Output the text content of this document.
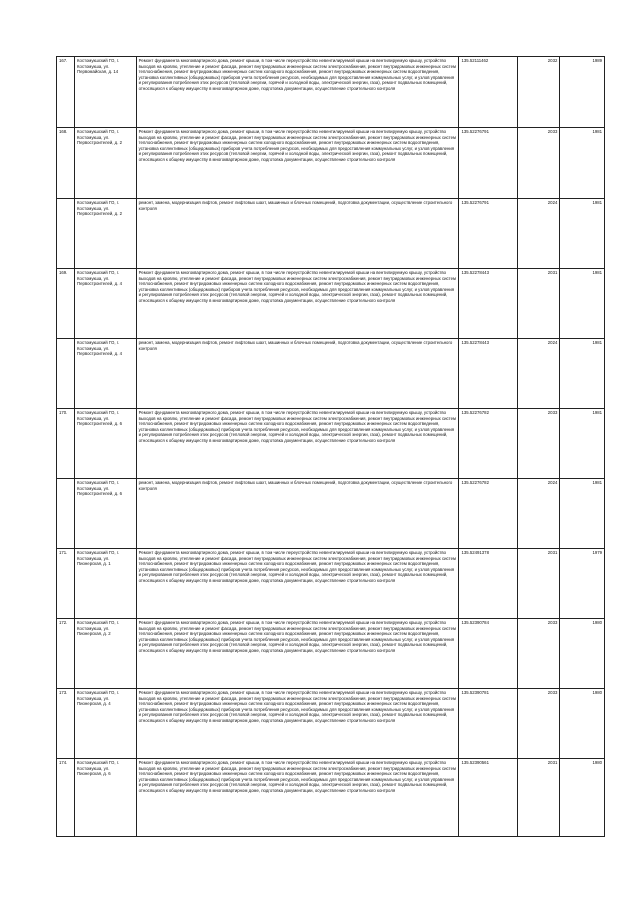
167.	Костомукшский ГО, г. Костомукша, ул. Первомайская, д. 14	Ремонт фундамента многоквартирного дома, ремонт крыши, в том числе переустройство невентилируемой крыши на вентилируемую крышу, устройство выходов на кровлю, утепление и ремонт фасада, ремонт внутридомовых инженерных систем электроснабжения, ремонт внутридомовых инженерных систем теплоснабжения, ремонт внутридомовых инженерных систем холодного водоснабжения, ремонт внутридомовых инженерных систем водоотведения, установка коллективных (общедомовых) приборов учета потребления ресурсов, необходимых для предоставления коммунальных услуг, и узлов управления и регулирования потребления этих ресурсов (тепловой энергии, горячей и холодной воды, электрической энергии, газа), ремонт подвальных помещений, относящихся к общему имуществу в многоквартирном доме, подготовка документации, осуществление строительного контроля	135.52111462	2032	1989
168.	Костомукшский ГО, г. Костомукша, ул. Первостроителей, д. 2	Ремонт фундамента многоквартирного дома, ремонт крыши, в том числе переустройство невентилируемой крыши на вентилируемую крышу, устройство выходов на кровлю, утепление и ремонт фасада, ремонт внутридомовых инженерных систем электроснабжения, ремонт внутридомовых инженерных систем теплоснабжения, ремонт внутридомовых инженерных систем холодного водоснабжения, ремонт внутридомовых инженерных систем водоотведения, установка коллективных (общедомовых) приборов учета потребления ресурсов, необходимых для предоставления коммунальных услуг, и узлов управления и регулирования потребления этих ресурсов (тепловой энергии, горячей и холодной воды, электрической энергии, газа), ремонт подвальных помещений, относящихся к общему имуществу в многоквартирном доме, подготовка документации, осуществление строительного контроля	135.52276791	2033	1981
	Костомукшский ГО, г. Костомукша, ул. Первостроителей, д. 2	ремонт, замена, модернизация лифтов, ремонт лифтовых шахт, машинных и блочных помещений, подготовка документации, осуществление строительного контроля	135.52276791	2024	1981
169.	Костомукшский ГО, г. Костомукша, ул. Первостроителей, д. 4	Ремонт фундамента многоквартирного дома, ремонт крыши, в том числе переустройство невентилируемой крыши на вентилируемую крышу, устройство выходов на кровлю, утепление и ремонт фасада, ремонт внутридомовых инженерных систем электроснабжения, ремонт внутридомовых инженерных систем теплоснабжения, ремонт внутридомовых инженерных систем холодного водоснабжения, ремонт внутридомовых инженерных систем водоотведения, установка коллективных (общедомовых) приборов учета потребления ресурсов, необходимых для предоставления коммунальных услуг, и узлов управления и регулирования потребления этих ресурсов (тепловой энергии, горячей и холодной воды, электрической энергии, газа), ремонт подвальных помещений, относящихся к общему имуществу в многоквартирном доме, подготовка документации, осуществление строительного контроля	135.52278443	2031	1981
	Костомукшский ГО, г. Костомукша, ул. Первостроителей, д. 4	ремонт, замена, модернизация лифтов, ремонт лифтовых шахт, машинных и блочных помещений, подготовка документации, осуществление строительного контроля	135.52278443	2024	1981
170.	Костомукшский ГО, г. Костомукша, ул. Первостроителей, д. 6	Ремонт фундамента многоквартирного дома, ремонт крыши, в том числе переустройство невентилируемой крыши на вентилируемую крышу, устройство выходов на кровлю, утепление и ремонт фасада, ремонт внутридомовых инженерных систем электроснабжения, ремонт внутридомовых инженерных систем теплоснабжения, ремонт внутридомовых инженерных систем холодного водоснабжения, ремонт внутридомовых инженерных систем водоотведения, установка коллективных (общедомовых) приборов учета потребления ресурсов, необходимых для предоставления коммунальных услуг, и узлов управления и регулирования потребления этих ресурсов (тепловой энергии, горячей и холодной воды, электрической энергии, газа), ремонт подвальных помещений, относящихся к общему имуществу в многоквартирном доме, подготовка документации, осуществление строительного контроля	135.52276782	2033	1981
	Костомукшский ГО, г. Костомукша, ул. Первостроителей, д. 6	ремонт, замена, модернизация лифтов, ремонт лифтовых шахт, машинных и блочных помещений, подготовка документации, осуществление строительного контроля	135.52276782	2024	1981
171.	Костомукшский ГО, г. Костомукша, ул. Пионерская, д. 1	Ремонт фундамента многоквартирного дома, ремонт крыши, в том числе переустройство невентилируемой крыши на вентилируемую крышу, устройство выходов на кровлю, утепление и ремонт фасада, ремонт внутридомовых инженерных систем электроснабжения, ремонт внутридомовых инженерных систем теплоснабжения, ремонт внутридомовых инженерных систем холодного водоснабжения, ремонт внутридомовых инженерных систем водоотведения, установка коллективных (общедомовых) приборов учета потребления ресурсов, необходимых для предоставления коммунальных услуг, и узлов управления и регулирования потребления этих ресурсов (тепловой энергии, горячей и холодной воды, электрической энергии, газа), ремонт подвальных помещений, относящихся к общему имуществу в многоквартирном доме, подготовка документации, осуществление строительного контроля	135.52491378	2031	1979
172.	Костомукшский ГО, г. Костомукша, ул. Пионерская, д. 2	Ремонт фундамента многоквартирного дома, ремонт крыши, в том числе переустройство невентилируемой крыши на вентилируемую крышу, устройство выходов на кровлю, утепление и ремонт фасада, ремонт внутридомовых инженерных систем электроснабжения, ремонт внутридомовых инженерных систем теплоснабжения, ремонт внутридомовых инженерных систем холодного водоснабжения, ремонт внутридомовых инженерных систем водоотведения, установка коллективных (общедомовых) приборов учета потребления ресурсов, необходимых для предоставления коммунальных услуг, и узлов управления и регулирования потребления этих ресурсов (тепловой энергии, горячей и холодной воды, электрической энергии, газа), ремонт подвальных помещений, относящихся к общему имуществу в многоквартирном доме, подготовка документации, осуществление строительного контроля	135.52390784	2033	1980
173.	Костомукшский ГО, г. Костомукша, ул. Пионерская, д. 4	Ремонт фундамента многоквартирного дома, ремонт крыши, в том числе переустройство невентилируемой крыши на вентилируемую крышу, устройство выходов на кровлю, утепление и ремонт фасада, ремонт внутридомовых инженерных систем электроснабжения, ремонт внутридомовых инженерных систем теплоснабжения, ремонт внутридомовых инженерных систем холодного водоснабжения, ремонт внутридомовых инженерных систем водоотведения, установка коллективных (общедомовых) приборов учета потребления ресурсов, необходимых для предоставления коммунальных услуг, и узлов управления и регулирования потребления этих ресурсов (тепловой энергии, горячей и холодной воды, электрической энергии, газа), ремонт подвальных помещений, относящихся к общему имуществу в многоквартирном доме, подготовка документации, осуществление строительного контроля	135.52390781	2033	1980
174.	Костомукшский ГО, г. Костомукша, ул. Пионерская, д. 6	Ремонт фундамента многоквартирного дома, ремонт крыши, в том числе переустройство невентилируемой крыши на вентилируемую крышу, устройство выходов на кровлю, утепление и ремонт фасада, ремонт внутридомовых инженерных систем электроснабжения, ремонт внутридомовых инженерных систем теплоснабжения, ремонт внутридомовых инженерных систем холодного водоснабжения, ремонт внутридомовых инженерных систем водоотведения, установка коллективных (общедомовых) приборов учета потребления ресурсов, необходимых для предоставления коммунальных услуг, и узлов управления и регулирования потребления этих ресурсов (тепловой энергии, горячей и холодной воды, электрической энергии, газа), ремонт подвальных помещений, относящихся к общему имуществу в многоквартирном доме, подготовка документации, осуществление строительного контроля	135.52390561	2031	1980
